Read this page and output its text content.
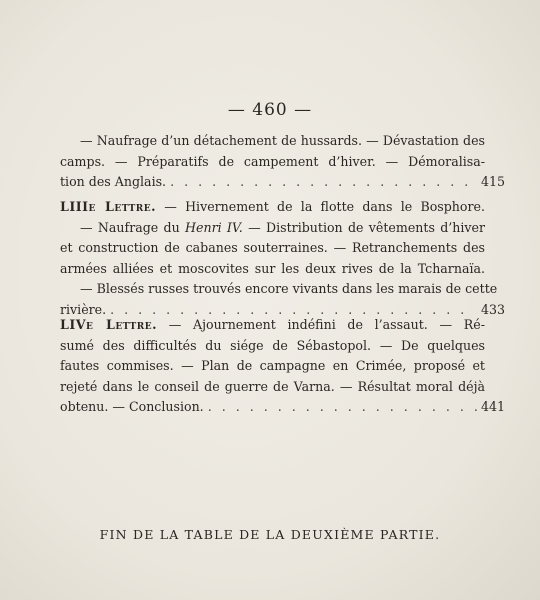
— 460 —
— Naufrage d’un détachement de hussards. — Dévastation des
camps. — Préparatifs de campement d’hiver. — Démoralisa-
tion des Anglais. . . . . . . . . . . . . . . . . . . . . . . 415
LIIIe Lettre. — Hivernement de la flotte dans le Bosphore.
— Naufrage du Henri IV. — Distribution de vêtements d’hiver
et construction de cabanes souterraines. — Retranchements des
armées alliées et moscovites sur les deux rives de la Tcharnaïa.
— Blessés russes trouvés encore vivants dans les marais de cette
rivière. . . . . . . . . . . . . . . . . . . . . . . . . . . 433
LIVe Lettre. — Ajournement indéfini de l’assaut. — Ré-
sumé des difficultés du siége de Sébastopol. — De quelques
fautes commises. — Plan de campagne en Crimée, proposé et
rejeté dans le conseil de guerre de Varna. — Résultat moral déjà
obtenu. — Conclusion. . . . . . . . . . . . . . . . . . . . . 441
FIN DE LA TABLE DE LA DEUXIÈME PARTIE.
